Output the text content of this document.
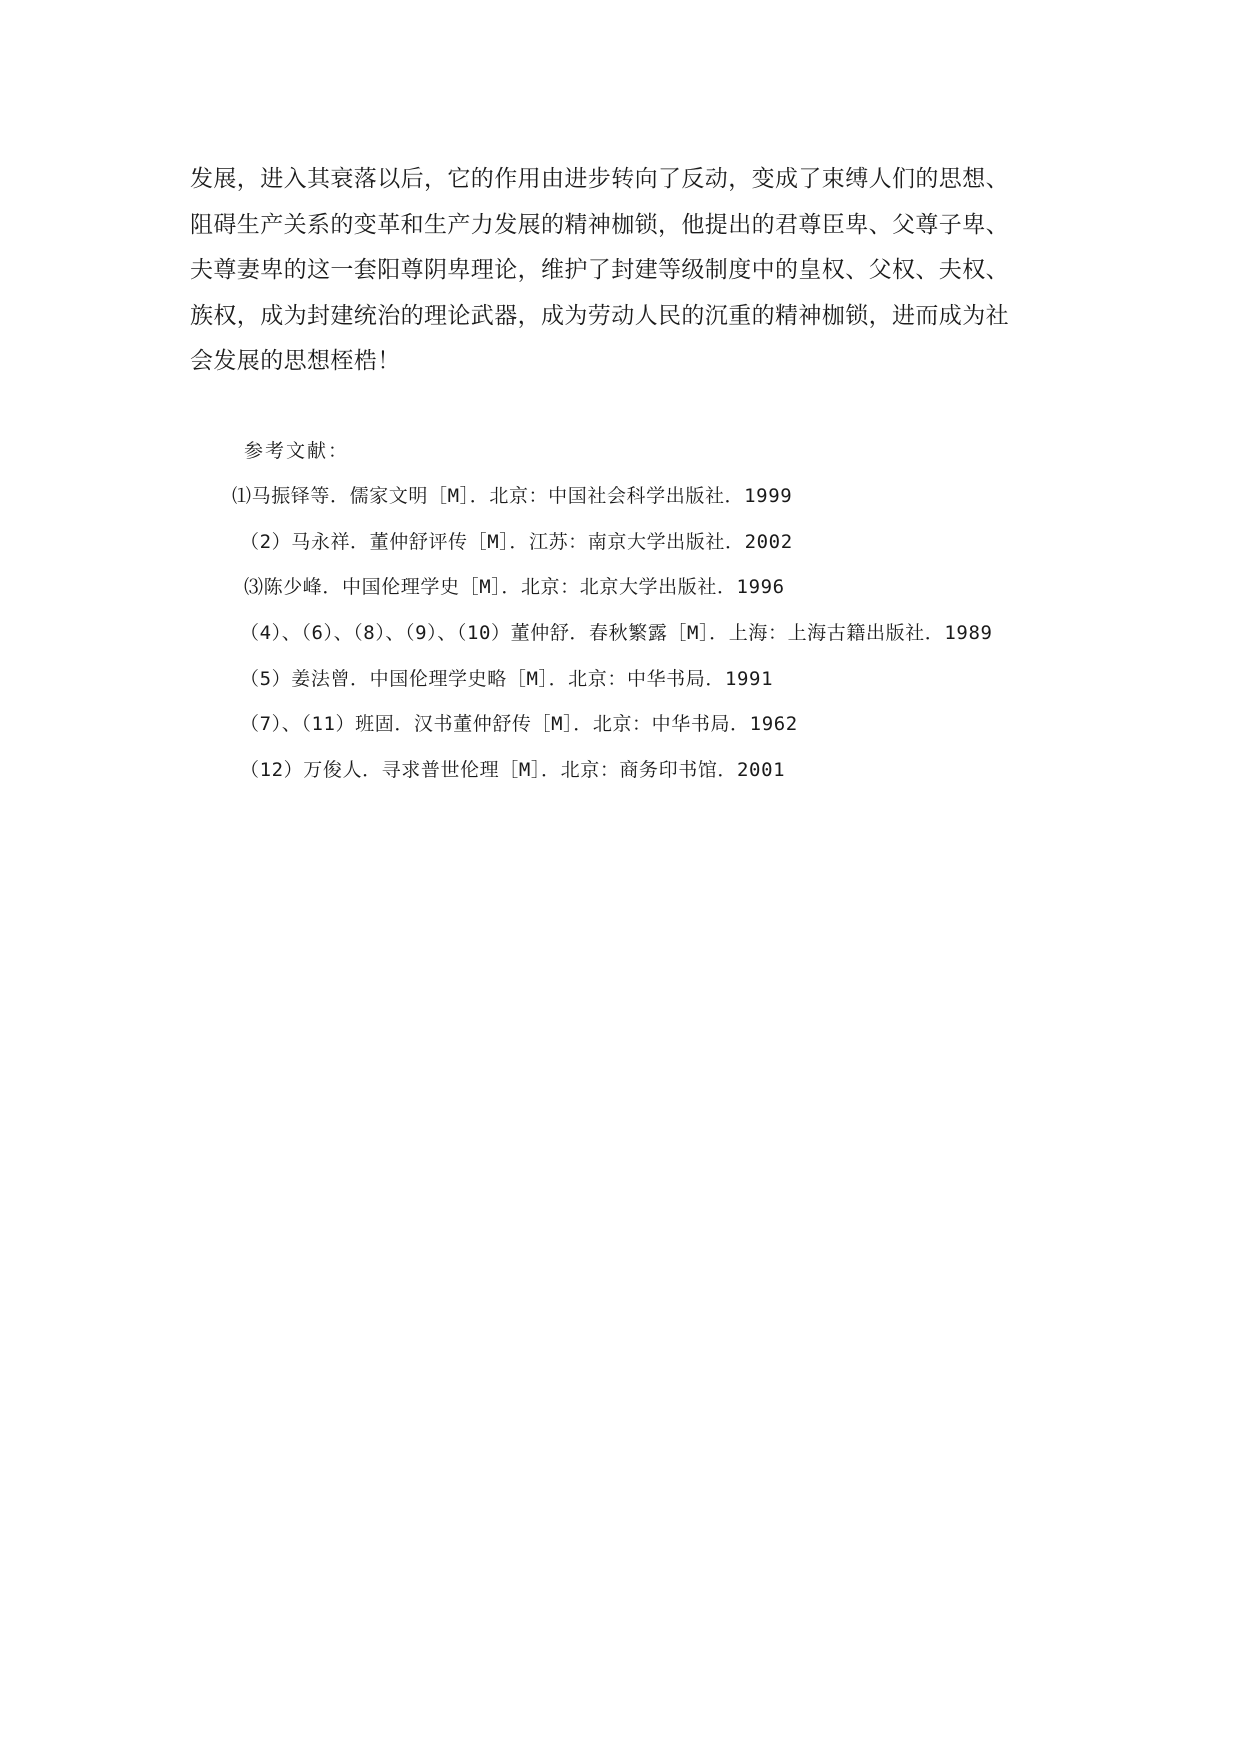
发展，进入其衰落以后，它的作用由进步转向了反动，变成了束缚人们的思想、
阻碍生产关系的变革和生产力发展的精神枷锁，他提出的君尊臣卑、父尊子卑、
夫尊妻卑的这一套阳尊阴卑理论，维护了封建等级制度中的皇权、父权、夫权、
族权，成为封建统治的理论武器，成为劳动人民的沉重的精神枷锁，进而成为社
会发展的思想桎梏！
参考文献：
⑴马振铎等．儒家文明［M］．北京：中国社会科学出版社．1999
（2）马永祥．董仲舒评传［M］．江苏：南京大学出版社．2002
⑶陈少峰．中国伦理学史［M］．北京：北京大学出版社．1996
（4）、（6）、（8）、（9）、（10）董仲舒．春秋繁露［M］．上海：上海古籍出版社．1989
（5）姜法曾．中国伦理学史略［M］．北京：中华书局．1991
（7）、（11）班固．汉书董仲舒传［M］．北京：中华书局．1962
（12）万俊人．寻求普世伦理［M］．北京：商务印书馆．2001
